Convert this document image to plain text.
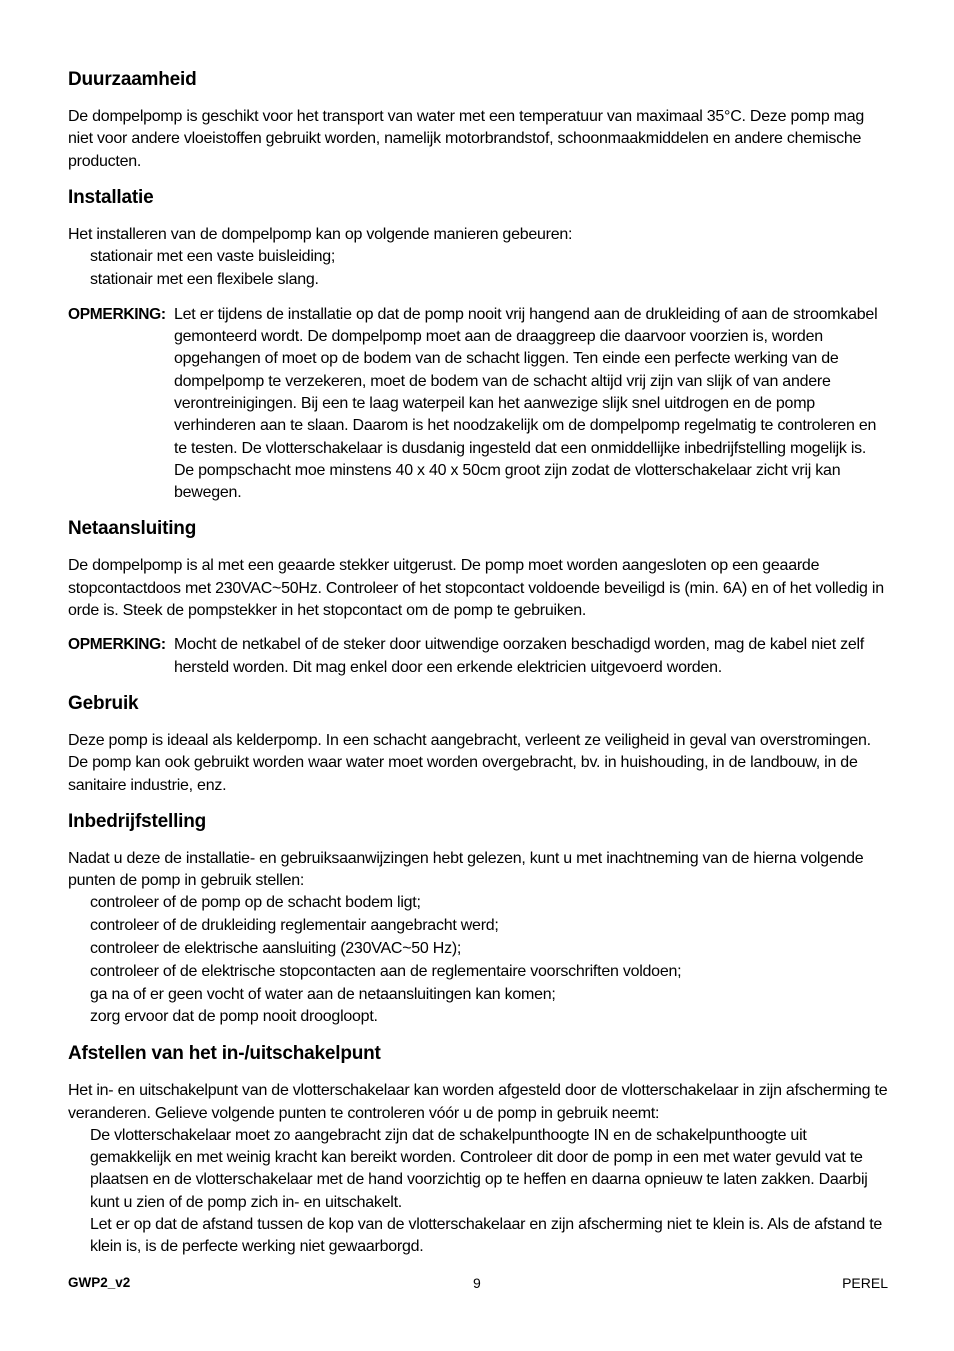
Duurzaamheid

De dompelpomp is geschikt voor het transport van water met een temperatuur van maximaal 35°C. Deze pomp mag niet voor andere vloeistoffen gebruikt worden, namelijk motorbrandstof, schoonmaakmiddelen en andere chemische producten.

Installatie

Het installeren van de dompelpomp kan op volgende manieren gebeuren:

stationair met een vaste buisleiding;
stationair met een flexibele slang.
OPMERKING: Let er tijdens de installatie op dat de pomp nooit vrij hangend aan de drukleiding of aan de stroomkabel gemonteerd wordt. De dompelpomp moet aan de draaggreep die daarvoor voorzien is, worden opgehangen of moet op de bodem van de schacht liggen. Ten einde een perfecte werking van de dompelpomp te verzekeren, moet de bodem van de schacht altijd vrij zijn van slijk of van andere verontreinigingen. Bij een te laag waterpeil kan het aanwezige slijk snel uitdrogen en de pomp verhinderen aan te slaan. Daarom is het noodzakelijk om de dompelpomp regelmatig te controleren en te testen. De vlotterschakelaar is dusdanig ingesteld dat een onmiddellijke inbedrijfstelling mogelijk is. De pompschacht moe minstens 40 x 40 x 50cm groot zijn zodat de vlotterschakelaar zicht vrij kan bewegen.
Netaansluiting

De dompelpomp is al met een geaarde stekker uitgerust. De pomp moet worden aangesloten op een geaarde stopcontactdoos met 230VAC~50Hz. Controleer of het stopcontact voldoende beveiligd is (min. 6A) en of het volledig in orde is. Steek de pompstekker in het stopcontact om de pomp te gebruiken.

OPMERKING: Mocht de netkabel of de steker door uitwendige oorzaken beschadigd worden, mag de kabel niet zelf hersteld worden. Dit mag enkel door een erkende elektricien uitgevoerd worden.
Gebruik

Deze pomp is ideaal als kelderpomp. In een schacht aangebracht, verleent ze veiligheid in geval van overstromingen. De pomp kan ook gebruikt worden waar water moet worden overgebracht, bv. in huishouding, in de landbouw, in de sanitaire industrie, enz.

Inbedrijfstelling

Nadat u deze de installatie- en gebruiksaanwijzingen hebt gelezen, kunt u met inachtneming van de hierna volgende punten de pomp in gebruik stellen:

controleer of de pomp op de schacht bodem ligt;
controleer of de drukleiding reglementair aangebracht werd;
controleer de elektrische aansluiting (230VAC~50 Hz);
controleer of de elektrische stopcontacten aan de reglementaire voorschriften voldoen;
ga na of er geen vocht of water aan de netaansluitingen kan komen;
zorg ervoor dat de pomp nooit droogloopt.
Afstellen van het in-/uitschakelpunt

Het in- en uitschakelpunt van de vlotterschakelaar kan worden afgesteld door de vlotterschakelaar in zijn afscherming te veranderen. Gelieve volgende punten te controleren vóór u de pomp in gebruik neemt:

De vlotterschakelaar moet zo aangebracht zijn dat de schakelpunthoogte IN en de schakelpunthoogte uit gemakkelijk en met weinig kracht kan bereikt worden. Controleer dit door de pomp in een met water gevuld vat te plaatsen en de vlotterschakelaar met de hand voorzichtig op te heffen en daarna opnieuw te laten zakken. Daarbij kunt u zien of de pomp zich in- en uitschakelt.
Let er op dat de afstand tussen de kop van de vlotterschakelaar en zijn afscherming niet te klein is. Als de afstand te klein is, is de perfecte werking niet gewaarborgd.
GWP2_v2	9	PEREL
